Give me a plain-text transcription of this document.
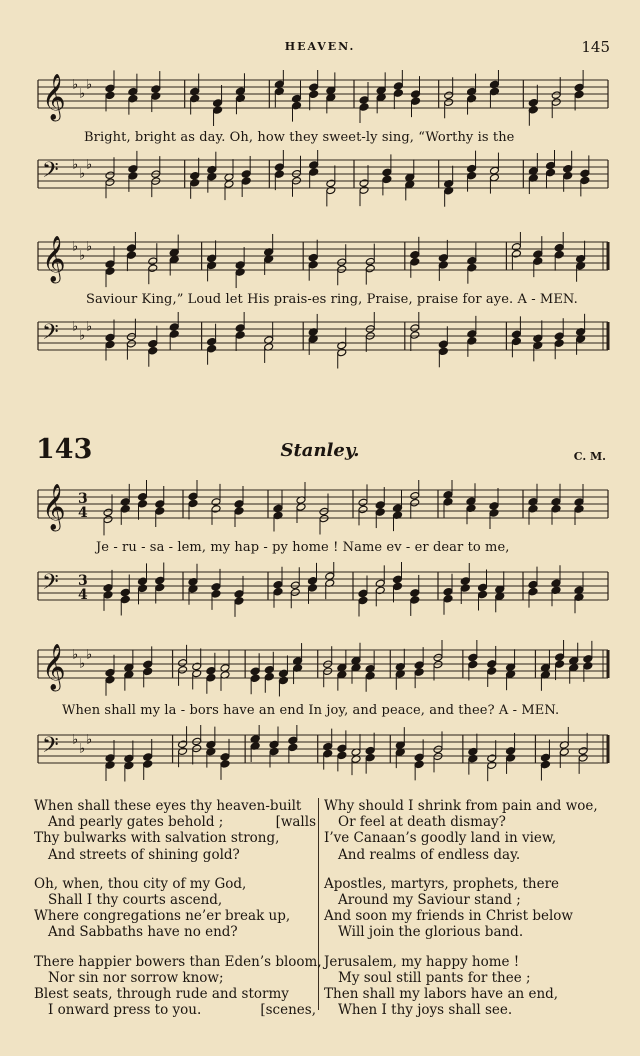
HEAVEN.	145
𝄞 ♭
♭
♭
Bright, bright as day. Oh, how they sweet-ly sing, “Worthy is the
𝄢 ♭
♭
♭
𝄞 ♭
♭
♭
Saviour King,” Loud let His prais-es ring, Praise, praise for aye. A - MEN.
𝄢 ♭
♭
♭
143	Stanley.	C. M.
𝄞 3
4
Je - ru - sa - lem, my hap - py home ! Name ev - er dear to me,
𝄢 3
4
𝄞 ♭
♭
♭
When shall my la - bors have an end In joy, and peace, and thee? A - MEN.
𝄢 ♭
♭
♭
When shall these eyes thy heaven-built
And pearly gates behold ;	[walls
Thy bulwarks with salvation strong,
And streets of shining gold?
Oh, when, thou city of my God,
Shall I thy courts ascend,
Where congregations ne’er break up,
And Sabbaths have no end?
There happier bowers than Eden’s bloom,
Nor sin nor sorrow know;
Blest seats, through rude and stormy
I onward press to you.	[scenes,
Why should I shrink from pain and woe,
Or feel at death dismay?
I’ve Canaan’s goodly land in view,
And realms of endless day.
Apostles, martyrs, prophets, there
Around my Saviour stand ;
And soon my friends in Christ below
Will join the glorious band.
Jerusalem, my happy home !
My soul still pants for thee ;
Then shall my labors have an end,
When I thy joys shall see.
